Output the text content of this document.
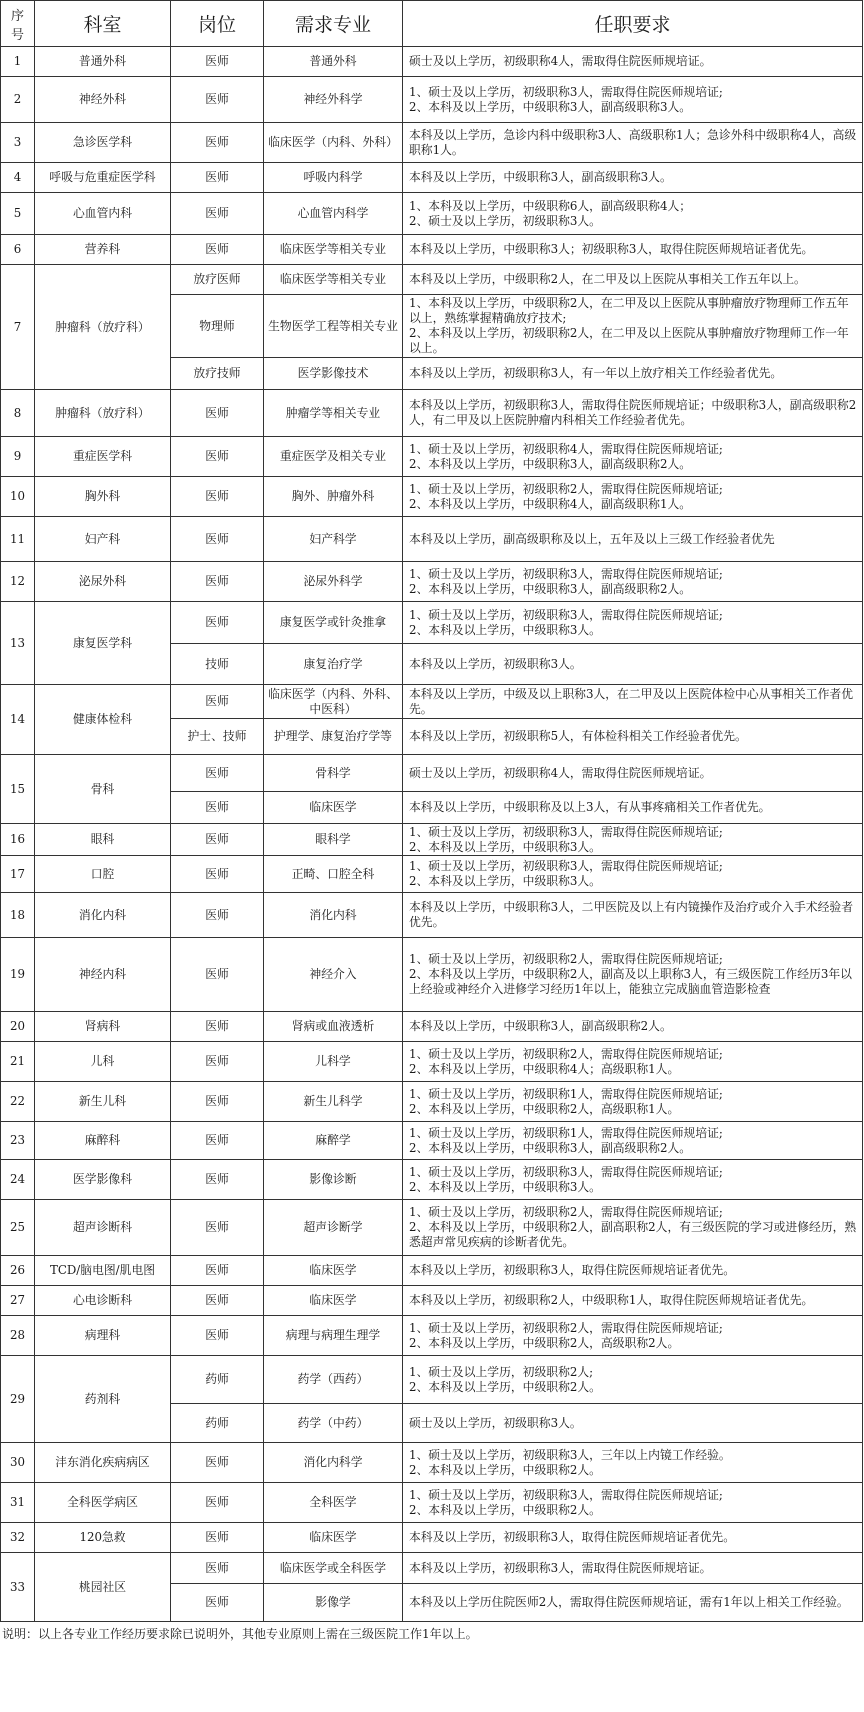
序号	科室	岗位	需求专业	任职要求
1	普通外科	医师	普通外科	硕士及以上学历，初级职称4人，需取得住院医师规培证。
2	神经外科	医师	神经外科学	1、硕士及以上学历，初级职称3人，需取得住院医师规培证;
2、本科及以上学历，中级职称3人，副高级职称3人。
3	急诊医学科	医师	临床医学（内科、外科）	本科及以上学历，急诊内科中级职称3人、高级职称1人；急诊外科中级职称4人，高级职称1人。
4	呼吸与危重症医学科	医师	呼吸内科学	本科及以上学历，中级职称3人，副高级职称3人。
5	心血管内科	医师	心血管内科学	1、本科及以上学历，中级职称6人，副高级职称4人；
2、硕士及以上学历，初级职称3人。
6	营养科	医师	临床医学等相关专业	本科及以上学历，中级职称3人；初级职称3人，取得住院医师规培证者优先。
7	肿瘤科（放疗科）	放疗医师	临床医学等相关专业	本科及以上学历，中级职称2人，在二甲及以上医院从事相关工作五年以上。
		物理师	生物医学工程等相关专业	1、本科及以上学历，中级职称2人，在二甲及以上医院从事肿瘤放疗物理师工作五年以上，熟练掌握精确放疗技术;
2、本科及以上学历，初级职称2人，在二甲及以上医院从事肿瘤放疗物理师工作一年以上。
		放疗技师	医学影像技术	本科及以上学历，初级职称3人，有一年以上放疗相关工作经验者优先。
8	肿瘤科（放疗科）	医师	肿瘤学等相关专业	本科及以上学历，初级职称3人，需取得住院医师规培证；中级职称3人，副高级职称2人，有二甲及以上医院肿瘤内科相关工作经验者优先。
9	重症医学科	医师	重症医学及相关专业	1、硕士及以上学历，初级职称4人，需取得住院医师规培证;
2、本科及以上学历，中级职称3人，副高级职称2人。
10	胸外科	医师	胸外、肿瘤外科	1、硕士及以上学历，初级职称2人，需取得住院医师规培证;
2、本科及以上学历，中级职称4人，副高级职称1人。
11	妇产科	医师	妇产科学	本科及以上学历，副高级职称及以上，五年及以上三级工作经验者优先
12	泌尿外科	医师	泌尿外科学	1、硕士及以上学历，初级职称3人，需取得住院医师规培证;
2、本科及以上学历，中级职称3人，副高级职称2人。
13	康复医学科	医师	康复医学或针灸推拿	1、硕士及以上学历，初级职称3人，需取得住院医师规培证;
2、本科及以上学历，中级职称3人。
		技师	康复治疗学	本科及以上学历，初级职称3人。
14	健康体检科	医师	临床医学（内科、外科、中医科）	本科及以上学历，中级及以上职称3人，在二甲及以上医院体检中心从事相关工作者优先。
		护士、技师	护理学、康复治疗学等	本科及以上学历，初级职称5人，有体检科相关工作经验者优先。
15	骨科	医师	骨科学	硕士及以上学历，初级职称4人，需取得住院医师规培证。
		医师	临床医学	本科及以上学历，中级职称及以上3人，有从事疼痛相关工作者优先。
16	眼科	医师	眼科学	1、硕士及以上学历，初级职称3人，需取得住院医师规培证;
2、本科及以上学历，中级职称3人。
17	口腔	医师	正畸、口腔全科	1、硕士及以上学历，初级职称3人，需取得住院医师规培证;
2、本科及以上学历，中级职称3人。
18	消化内科	医师	消化内科	本科及以上学历，中级职称3人，二甲医院及以上有内镜操作及治疗或介入手术经验者优先。
19	神经内科	医师	神经介入	1、硕士及以上学历，初级职称2人，需取得住院医师规培证;
2、本科及以上学历，中级职称2人，副高及以上职称3人，有三级医院工作经历3年以上经验或神经介入进修学习经历1年以上，能独立完成脑血管造影检查
20	肾病科	医师	肾病或血液透析	本科及以上学历，中级职称3人，副高级职称2人。
21	儿科	医师	儿科学	1、硕士及以上学历，初级职称2人，需取得住院医师规培证;
2、本科及以上学历，中级职称4人；高级职称1人。
22	新生儿科	医师	新生儿科学	1、硕士及以上学历，初级职称1人，需取得住院医师规培证;
2、本科及以上学历，中级职称2人，高级职称1人。
23	麻醉科	医师	麻醉学	1、硕士及以上学历，初级职称1人，需取得住院医师规培证;
2、本科及以上学历，中级职称3人，副高级职称2人。
24	医学影像科	医师	影像诊断	1、硕士及以上学历，初级职称3人，需取得住院医师规培证;
2、本科及以上学历，中级职称3人。
25	超声诊断科	医师	超声诊断学	1、硕士及以上学历，初级职称2人，需取得住院医师规培证;
2、本科及以上学历，中级职称2人，副高职称2人，有三级医院的学习或进修经历，熟悉超声常见疾病的诊断者优先。
26	TCD/脑电图/肌电图	医师	临床医学	本科及以上学历，初级职称3人，取得住院医师规培证者优先。
27	心电诊断科	医师	临床医学	本科及以上学历，初级职称2人，中级职称1人，取得住院医师规培证者优先。
28	病理科	医师	病理与病理生理学	1、硕士及以上学历，初级职称2人，需取得住院医师规培证;
2、本科及以上学历，中级职称2人，高级职称2人。
29	药剂科	药师	药学（西药）	1、硕士及以上学历，初级职称2人;
2、本科及以上学历，中级职称2人。
		药师	药学（中药）	硕士及以上学历，初级职称3人。
30	沣东消化疾病病区	医师	消化内科学	1、硕士及以上学历，初级职称3人，三年以上内镜工作经验。
2、本科及以上学历，中级职称2人。
31	全科医学病区	医师	全科医学	1、硕士及以上学历，初级职称3人，需取得住院医师规培证;
2、本科及以上学历，中级职称2人。
32	120急救	医师	临床医学	本科及以上学历，初级职称3人，取得住院医师规培证者优先。
33	桃园社区	医师	临床医学或全科医学	本科及以上学历，初级职称3人，需取得住院医师规培证。
		医师	影像学	本科及以上学历住院医师2人，需取得住院医师规培证，需有1年以上相关工作经验。
说明：以上各专业工作经历要求除已说明外，其他专业原则上需在三级医院工作1年以上。
